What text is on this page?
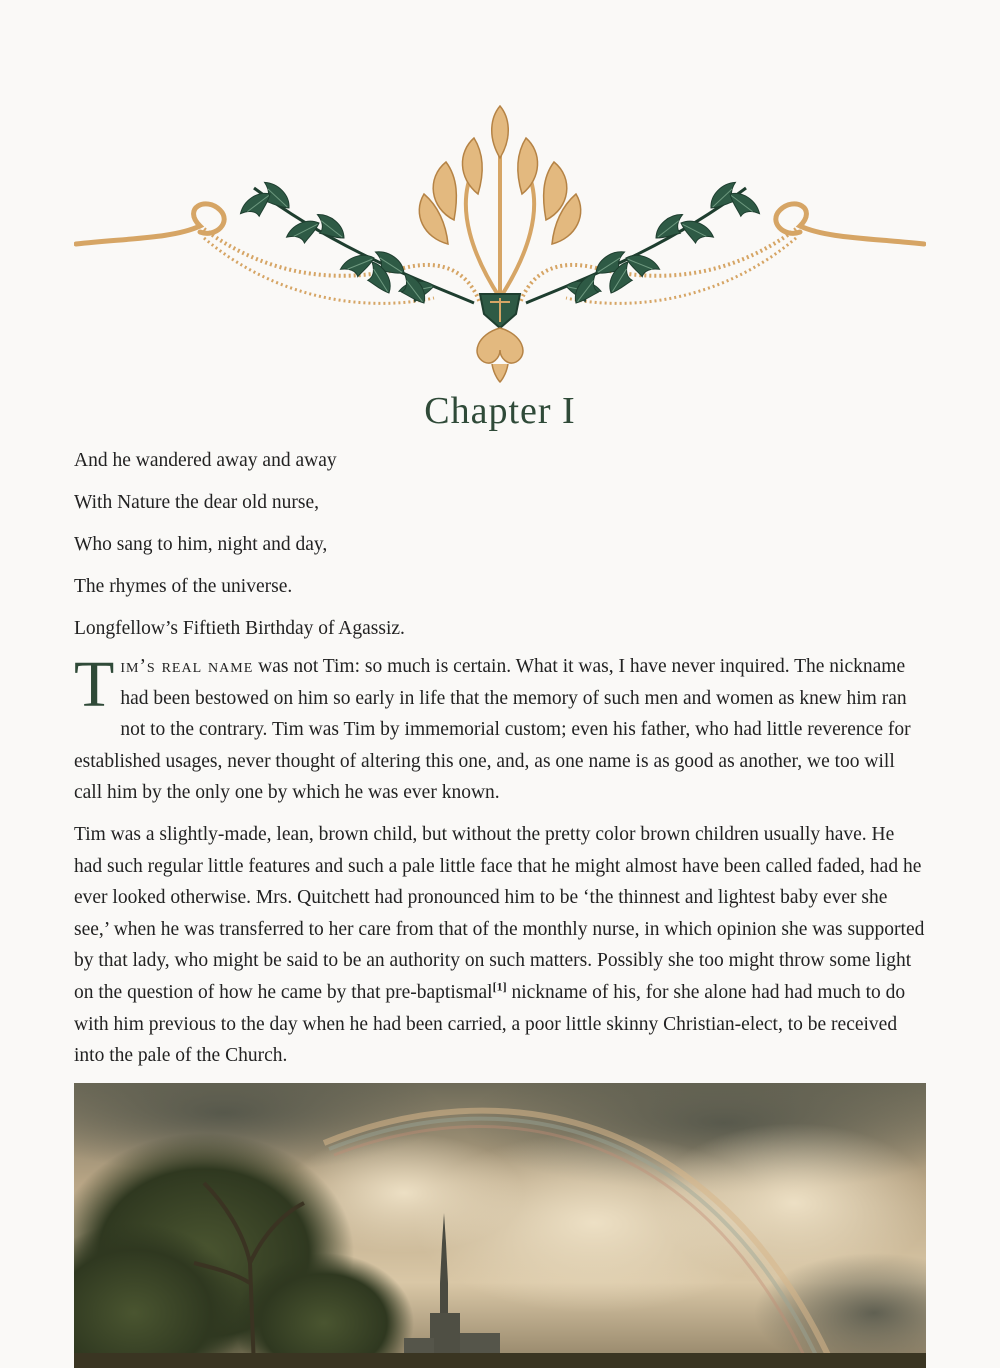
Chapter I
And he wandered away and away
With Nature the dear old nurse,
Who sang to him, night and day,
The rhymes of the universe.
Longfellow’s Fiftieth Birthday of Agassiz.

Tim’s real name was not Tim: so much is certain. What it was, I have never inquired. The nickname had been bestowed on him so early in life that the memory of such men and women as knew him ran not to the contrary. Tim was Tim by immemorial custom; even his father, who had little reverence for established usages, never thought of altering this one, and, as one name is as good as another, we too will call him by the only one by which he was ever known.

Tim was a slightly-made, lean, brown child, but without the pretty color brown children usually have. He had such regular little features and such a pale little face that he might almost have been called faded, had he ever looked otherwise. Mrs. Quitchett had pronounced him to be ‘the thinnest and lightest baby ever she see,’ when he was transferred to her care from that of the monthly nurse, in which opinion she was supported by that lady, who might be said to be an authority on such matters. Possibly she too might throw some light on the question of how he came by that pre-baptismal[1] nickname of his, for she alone had had much to do with him previous to the day when he had been carried, a poor little skinny Christian-elect, to be received into the pale of the Church.
